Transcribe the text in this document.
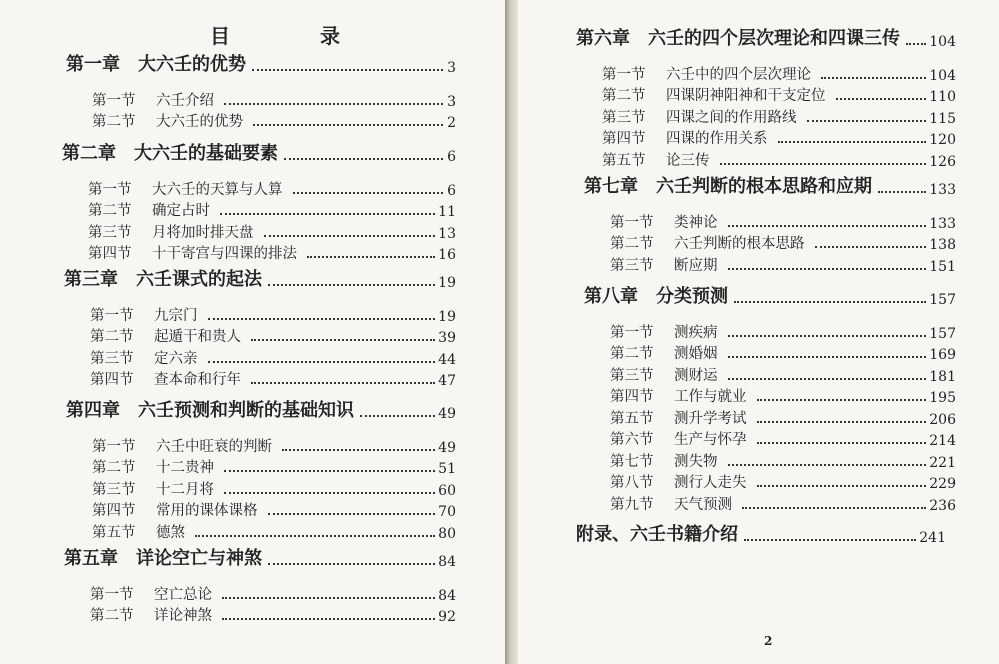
目	录
第一章 大六壬的优势	3
第一节	六壬介绍	3
第二节	大六壬的优势	2
第二章 大六壬的基础要素	6
第一节	大六壬的天算与人算	6
第二节	确定占时	11
第三节	月将加时排天盘	13
第四节	十干寄宫与四课的排法	16
第三章 六壬课式的起法	19
第一节	九宗门	19
第二节	起遁干和贵人	39
第三节	定六亲	44
第四节	查本命和行年	47
第四章 六壬预测和判断的基础知识	49
第一节	六壬中旺衰的判断	49
第二节	十二贵神	51
第三节	十二月将	60
第四节	常用的课体课格	70
第五节	德煞	80
第五章 详论空亡与神煞	84
第一节	空亡总论	84
第二节	详论神煞	92
第六章 六壬的四个层次理论和四课三传 104
第一节	六壬中的四个层次理论	104
第二节	四课阴神阳神和干支定位	110
第三节	四课之间的作用路线	115
第四节	四课的作用关系	120
第五节	论三传	126
第七章 六壬判断的根本思路和应期	133
第一节	类神论	133
第二节	六壬判断的根本思路	138
第三节	断应期	151
第八章 分类预测	157
第一节	测疾病	157
第二节	测婚姻	169
第三节	测财运	181
第四节	工作与就业	195
第五节	测升学考试	206
第六节	生产与怀孕	214
第七节	测失物	221
第八节	测行人走失	229
第九节	天气预测	236
附录、六壬书籍介绍	241
2
